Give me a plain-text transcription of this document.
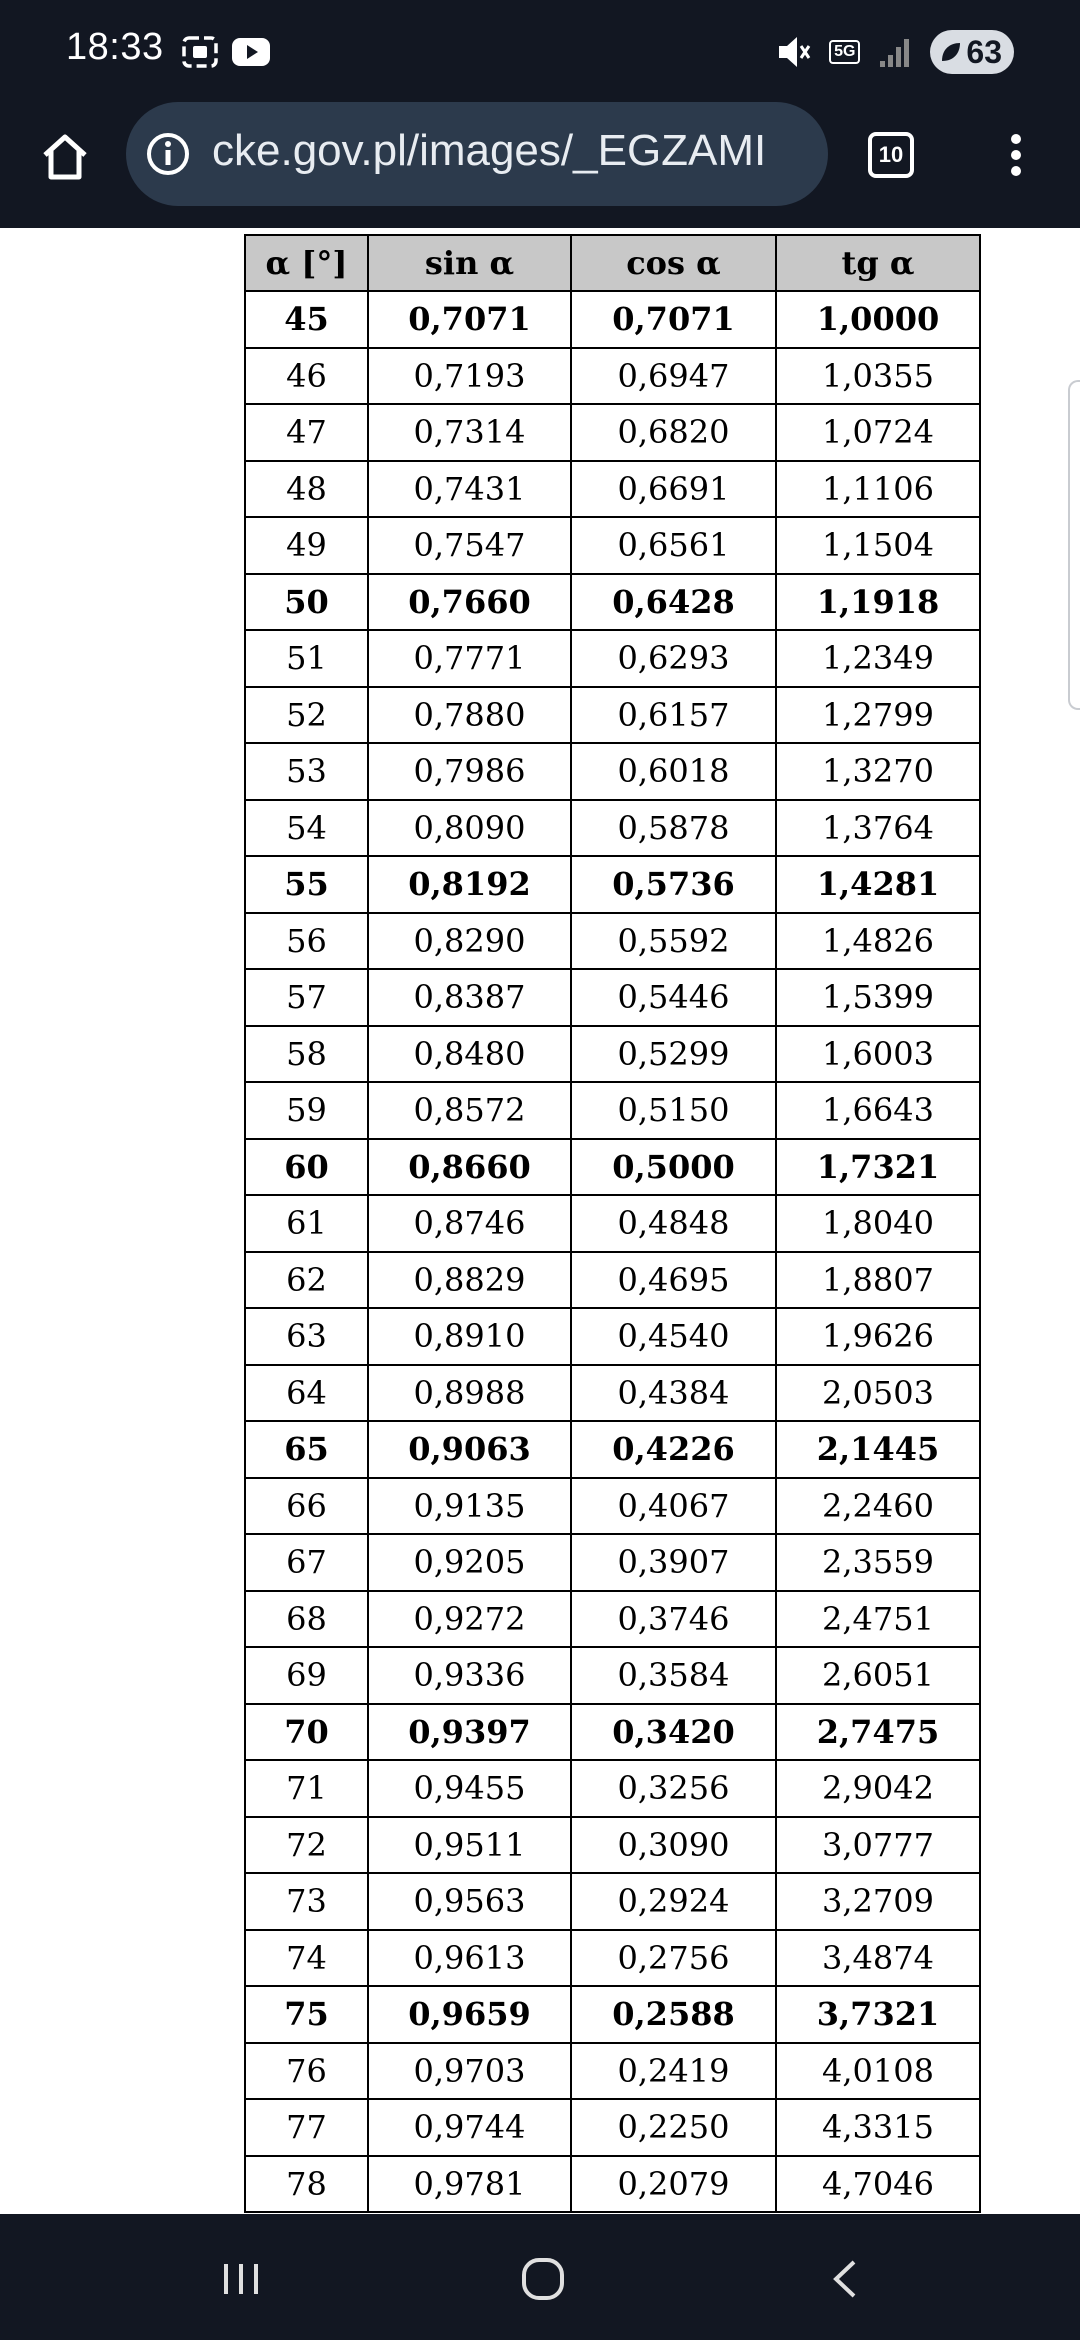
18:33	5G	63
cke.gov.pl/images/_EGZAMI	10
α [°]	sin α	cos α	tg α
45	0,7071	0,7071	1,0000
46	0,7193	0,6947	1,0355
47	0,7314	0,6820	1,0724
48	0,7431	0,6691	1,1106
49	0,7547	0,6561	1,1504
50	0,7660	0,6428	1,1918
51	0,7771	0,6293	1,2349
52	0,7880	0,6157	1,2799
53	0,7986	0,6018	1,3270
54	0,8090	0,5878	1,3764
55	0,8192	0,5736	1,4281
56	0,8290	0,5592	1,4826
57	0,8387	0,5446	1,5399
58	0,8480	0,5299	1,6003
59	0,8572	0,5150	1,6643
60	0,8660	0,5000	1,7321
61	0,8746	0,4848	1,8040
62	0,8829	0,4695	1,8807
63	0,8910	0,4540	1,9626
64	0,8988	0,4384	2,0503
65	0,9063	0,4226	2,1445
66	0,9135	0,4067	2,2460
67	0,9205	0,3907	2,3559
68	0,9272	0,3746	2,4751
69	0,9336	0,3584	2,6051
70	0,9397	0,3420	2,7475
71	0,9455	0,3256	2,9042
72	0,9511	0,3090	3,0777
73	0,9563	0,2924	3,2709
74	0,9613	0,2756	3,4874
75	0,9659	0,2588	3,7321
76	0,9703	0,2419	4,0108
77	0,9744	0,2250	4,3315
78	0,9781	0,2079	4,7046
